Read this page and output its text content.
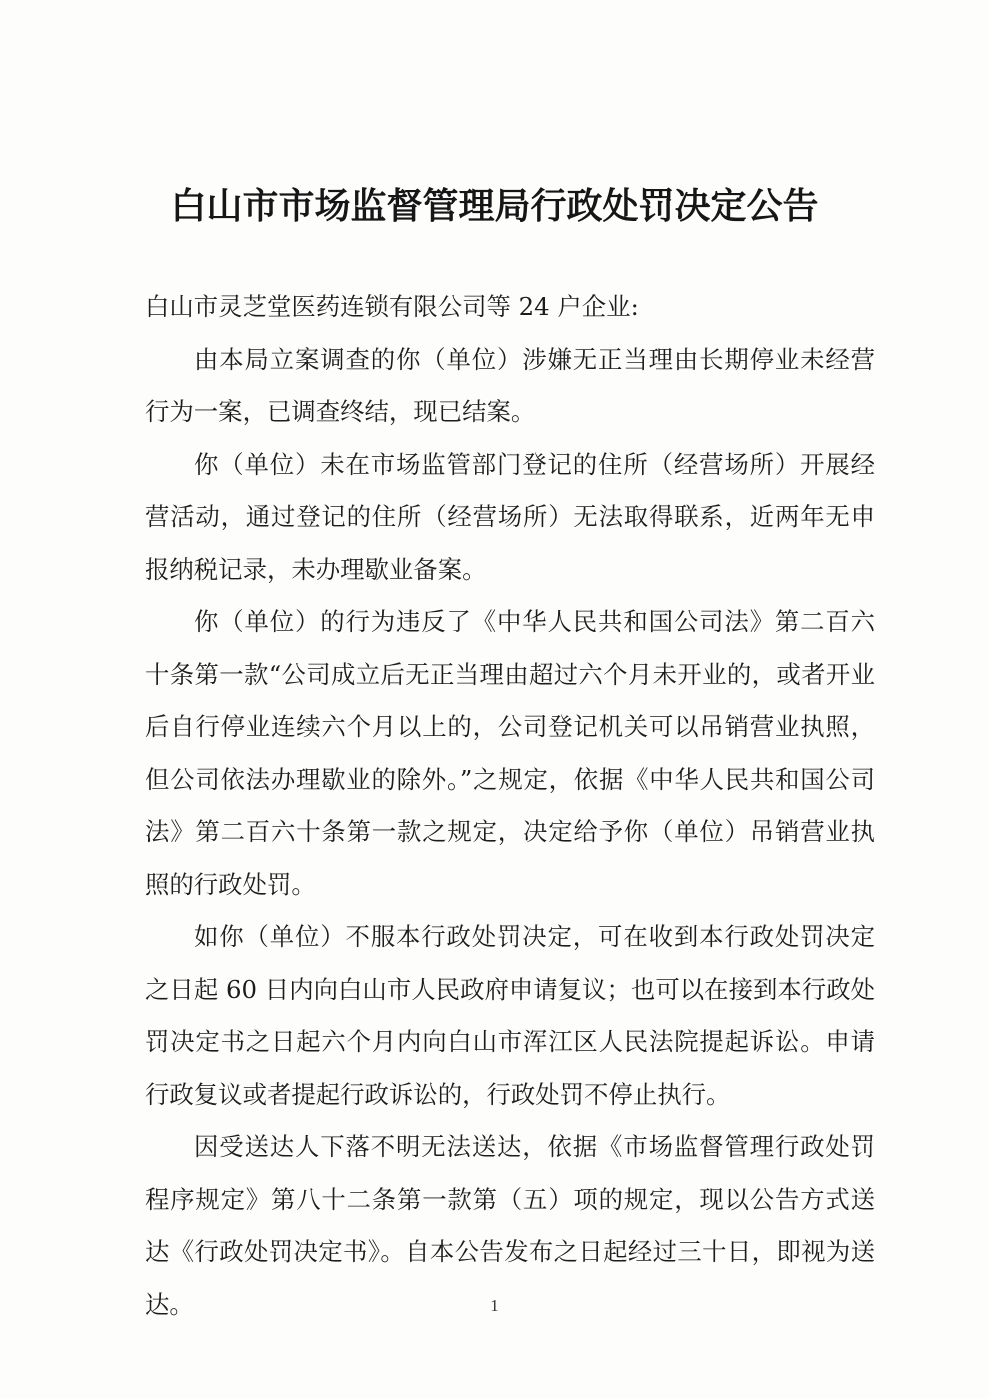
白山市市场监督管理局行政处罚决定公告

白山市灵芝堂医药连锁有限公司等 24 户企业:

由本局立案调查的你（单位）涉嫌无正当理由长期停业未经营行为一案，已调查终结，现已结案。

你（单位）未在市场监管部门登记的住所（经营场所）开展经营活动，通过登记的住所（经营场所）无法取得联系，近两年无申报纳税记录，未办理歇业备案。

你（单位）的行为违反了《中华人民共和国公司法》第二百六十条第一款“公司成立后无正当理由超过六个月未开业的，或者开业后自行停业连续六个月以上的，公司登记机关可以吊销营业执照，但公司依法办理歇业的除外。”之规定，依据《中华人民共和国公司法》第二百六十条第一款之规定，决定给予你（单位）吊销营业执照的行政处罚。

如你（单位）不服本行政处罚决定，可在收到本行政处罚决定之日起 60 日内向白山市人民政府申请复议；也可以在接到本行政处罚决定书之日起六个月内向白山市浑江区人民法院提起诉讼。申请行政复议或者提起行政诉讼的，行政处罚不停止执行。

因受送达人下落不明无法送达，依据《市场监督管理行政处罚程序规定》第八十二条第一款第（五）项的规定，现以公告方式送达《行政处罚决定书》。自本公告发布之日起经过三十日，即视为送达。	1
